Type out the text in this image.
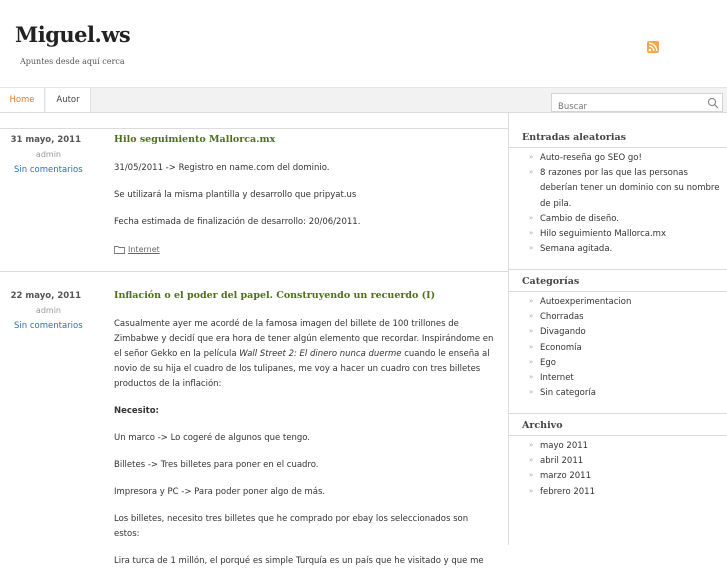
Miguel.ws
Apuntes desde aquí cerca
Home	Autor
Buscar
31 mayo, 2011
admin
Sin comentarios
Hilo seguimiento Mallorca.mx

31/05/2011 -> Registro en name.com del dominio.

Se utilizará la misma plantilla y desarrollo que pripyat.us

Fecha estimada de finalización de desarrollo: 20/06/2011.

Internet
22 mayo, 2011
admin
Sin comentarios
Inflación o el poder del papel. Construyendo un recuerdo (I)

Casualmente ayer me acordé de la famosa imagen del billete de 100 trillones de Zimbabwe y decidí que era hora de tener algún elemento que recordar. Inspirándome en el señor Gekko en la película Wall Street 2: El dinero nunca duerme cuando le enseña al novio de su hija el cuadro de los tulipanes, me voy a hacer un cuadro con tres billetes productos de la inflación:

Necesito:

Un marco -> Lo cogeré de algunos que tengo.

Billetes -> Tres billetes para poner en el cuadro.

Impresora y PC -> Para poder poner algo de más.

Los billetes, necesito tres billetes que he comprado por ebay los seleccionados son estos:

Lira turca de 1 millón, el porqué es simple Turquía es un país que he visitado y que me

Entradas aleatorias
» Auto-reseña go SEO go!
» 8 razones por las que las personas deberían tener un dominio con su nombre de pila.
» Cambio de diseño.
» Hilo seguimiento Mallorca.mx
» Semana agitada.
Categorías
» Autoexperimentacion
» Chorradas
» Divagando
» Economía
» Ego
» Internet
» Sin categoría
Archivo
» mayo 2011
» abril 2011
» marzo 2011
» febrero 2011
